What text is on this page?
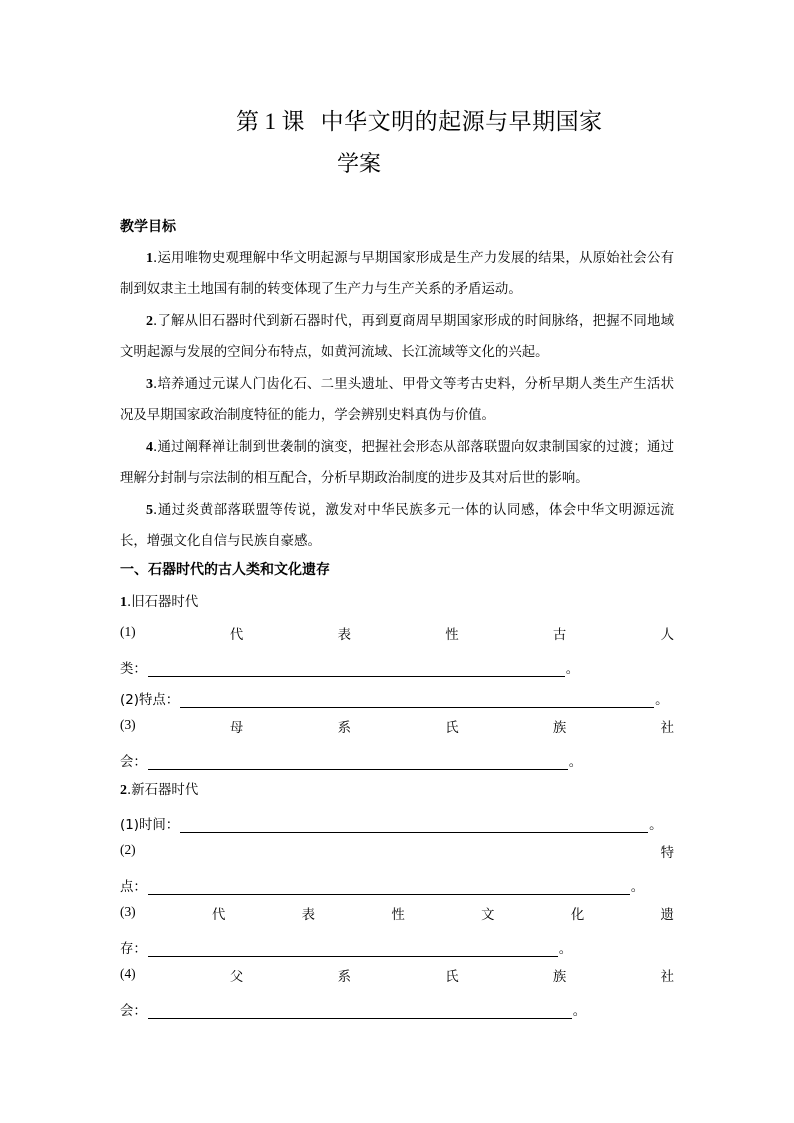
第 1 课  中华文明的起源与早期国家
学案
教学目标
1.运用唯物史观理解中华文明起源与早期国家形成是生产力发展的结果，从原始社会公有制到奴隶主土地国有制的转变体现了生产力与生产关系的矛盾运动。
2.了解从旧石器时代到新石器时代，再到夏商周早期国家形成的时间脉络，把握不同地域文明起源与发展的空间分布特点，如黄河流域、长江流域等文化的兴起。
3.培养通过元谋人门齿化石、二里头遗址、甲骨文等考古史料，分析早期人类生产生活状况及早期国家政治制度特征的能力，学会辨别史料真伪与价值。
4.通过阐释禅让制到世袭制的演变，把握社会形态从部落联盟向奴隶制国家的过渡；通过理解分封制与宗法制的相互配合，分析早期政治制度的进步及其对后世的影响。
5.通过炎黄部落联盟等传说，激发对中华民族多元一体的认同感，体会中华文明源远流长，增强文化自信与民族自豪感。
一、石器时代的古人类和文化遗存
1.旧石器时代
(1)	代	表	性	古	人
类：	。
(2)特点：	。
(3)	母	系	氏	族	社
会：	。
2.新石器时代
(1)时间：	。
(2)	特
点：	。
(3)	代	表	性	文	化	遗
存：	。
(4)	父	系	氏	族	社
会：	。
